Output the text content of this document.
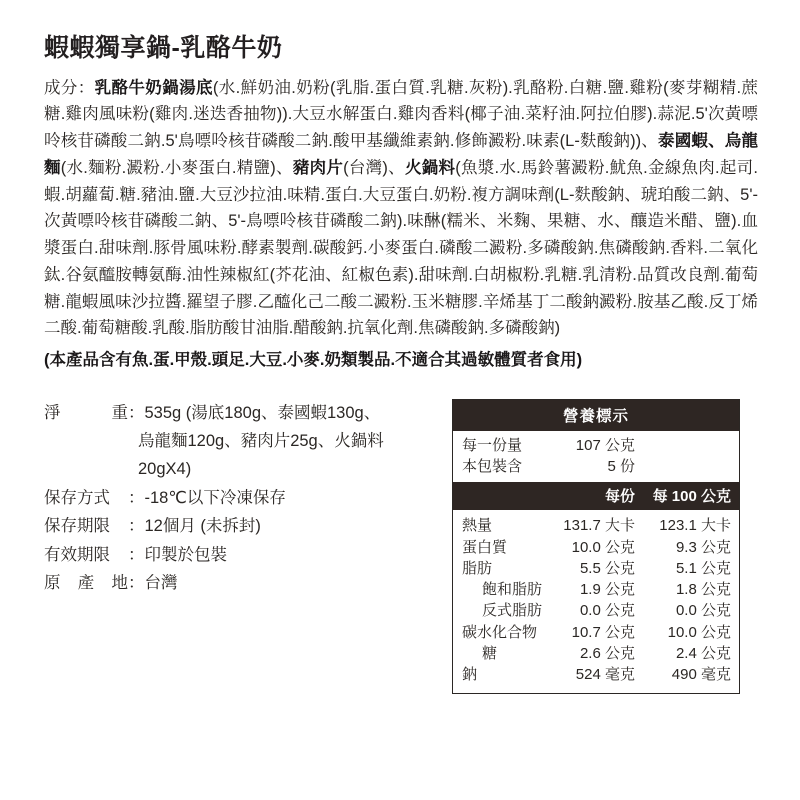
蝦蝦獨享鍋-乳酪牛奶

成分：乳酪牛奶鍋湯底(水.鮮奶油.奶粉(乳脂.蛋白質.乳糖.灰粉).乳酪粉.白糖.鹽.雞粉(麥芽糊精.蔗糖.雞肉風味粉(雞肉.迷迭香抽物)).大豆水解蛋白.雞肉香料(椰子油.菜籽油.阿拉伯膠).蒜泥.5'次黃嘌呤核苷磷酸二鈉.5'鳥嘌呤核苷磷酸二鈉.酸甲基纖維素鈉.修飾澱粉.味素(L-麩酸鈉))、泰國蝦、烏龍麵(水.麵粉.澱粉.小麥蛋白.精鹽)、豬肉片(台灣)、火鍋料(魚漿.水.馬鈴薯澱粉.魷魚.金線魚肉.起司.蝦.胡蘿蔔.糖.豬油.鹽.大豆沙拉油.味精.蛋白.大豆蛋白.奶粉.複方調味劑(L-麩酸鈉、琥珀酸二鈉、5'-次黃嘌呤核苷磷酸二鈉、5'-鳥嘌呤核苷磷酸二鈉).味醂(糯米、米麴、果糖、水、釀造米醋、鹽).血漿蛋白.甜味劑.豚骨風味粉.酵素製劑.碳酸鈣.小麥蛋白.磷酸二澱粉.多磷酸鈉.焦磷酸鈉.香料.二氧化鈦.谷氨醯胺轉氨酶.油性辣椒紅(芥花油、紅椒色素).甜味劑.白胡椒粉.乳糖.乳清粉.品質改良劑.葡萄糖.龍蝦風味沙拉醬.羅望子膠.乙醯化己二酸二澱粉.玉米糖膠.辛烯基丁二酸鈉澱粉.胺基乙酸.反丁烯二酸.葡萄糖酸.乳酸.脂肪酸甘油脂.醋酸鈉.抗氧化劑.焦磷酸鈉.多磷酸鈉)

(本產品含有魚.蛋.甲殼.頭足.大豆.小麥.奶類製品.不適合其過敏體質者食用)

淨	重 ： 535g (湯底180g、泰國蝦130g、
烏龍麵120g、豬肉片25g、火鍋料
20gX4)
保存方式	： -18℃以下冷凍保存
保存期限	： 12個月 (未拆封)
有效期限	： 印製於包裝
原 產 地 ： 台灣
營養標示
每一份量	107 公克
本包裝含	5 份
每份	每 100 公克
熱量	131.7 大卡	123.1 大卡
蛋白質	10.0 公克	9.3 公克
脂肪	5.5 公克	5.1 公克
飽和脂肪	1.9 公克	1.8 公克
反式脂肪	0.0 公克	0.0 公克
碳水化合物	10.7 公克	10.0 公克
糖	2.6 公克	2.4 公克
鈉	524 毫克	490 毫克
